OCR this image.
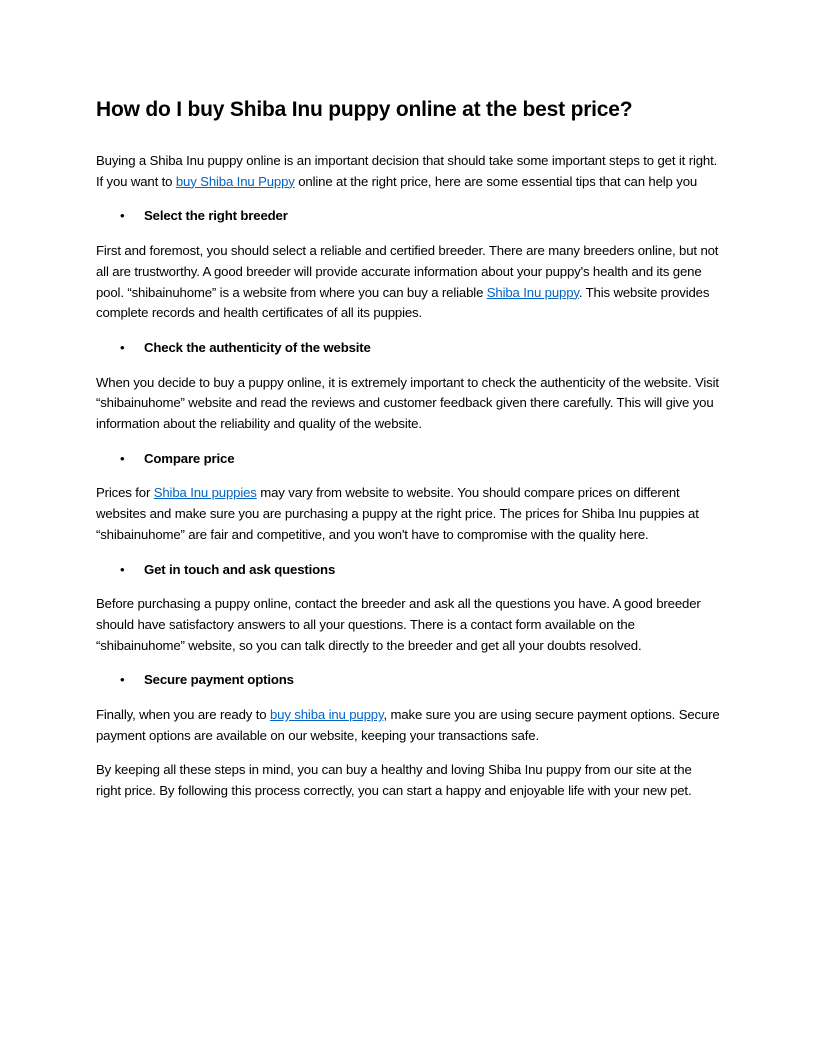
How do I buy Shiba Inu puppy online at the best price?

Buying a Shiba Inu puppy online is an important decision that should take some important steps to get it right. If you want to buy Shiba Inu Puppy online at the right price, here are some essential tips that can help you

• Select the right breeder

First and foremost, you should select a reliable and certified breeder. There are many breeders online, but not all are trustworthy. A good breeder will provide accurate information about your puppy's health and its gene pool. “shibainuhome” is a website from where you can buy a reliable Shiba Inu puppy. This website provides complete records and health certificates of all its puppies.

• Check the authenticity of the website

When you decide to buy a puppy online, it is extremely important to check the authenticity of the website. Visit “shibainuhome” website and read the reviews and customer feedback given there carefully. This will give you information about the reliability and quality of the website.

• Compare price

Prices for Shiba Inu puppies may vary from website to website. You should compare prices on different websites and make sure you are purchasing a puppy at the right price. The prices for Shiba Inu puppies at “shibainuhome” are fair and competitive, and you won't have to compromise with the quality here.

• Get in touch and ask questions

Before purchasing a puppy online, contact the breeder and ask all the questions you have. A good breeder should have satisfactory answers to all your questions. There is a contact form available on the “shibainuhome” website, so you can talk directly to the breeder and get all your doubts resolved.

• Secure payment options

Finally, when you are ready to buy shiba inu puppy, make sure you are using secure payment options. Secure payment options are available on our website, keeping your transactions safe.

By keeping all these steps in mind, you can buy a healthy and loving Shiba Inu puppy from our site at the right price. By following this process correctly, you can start a happy and enjoyable life with your new pet.
